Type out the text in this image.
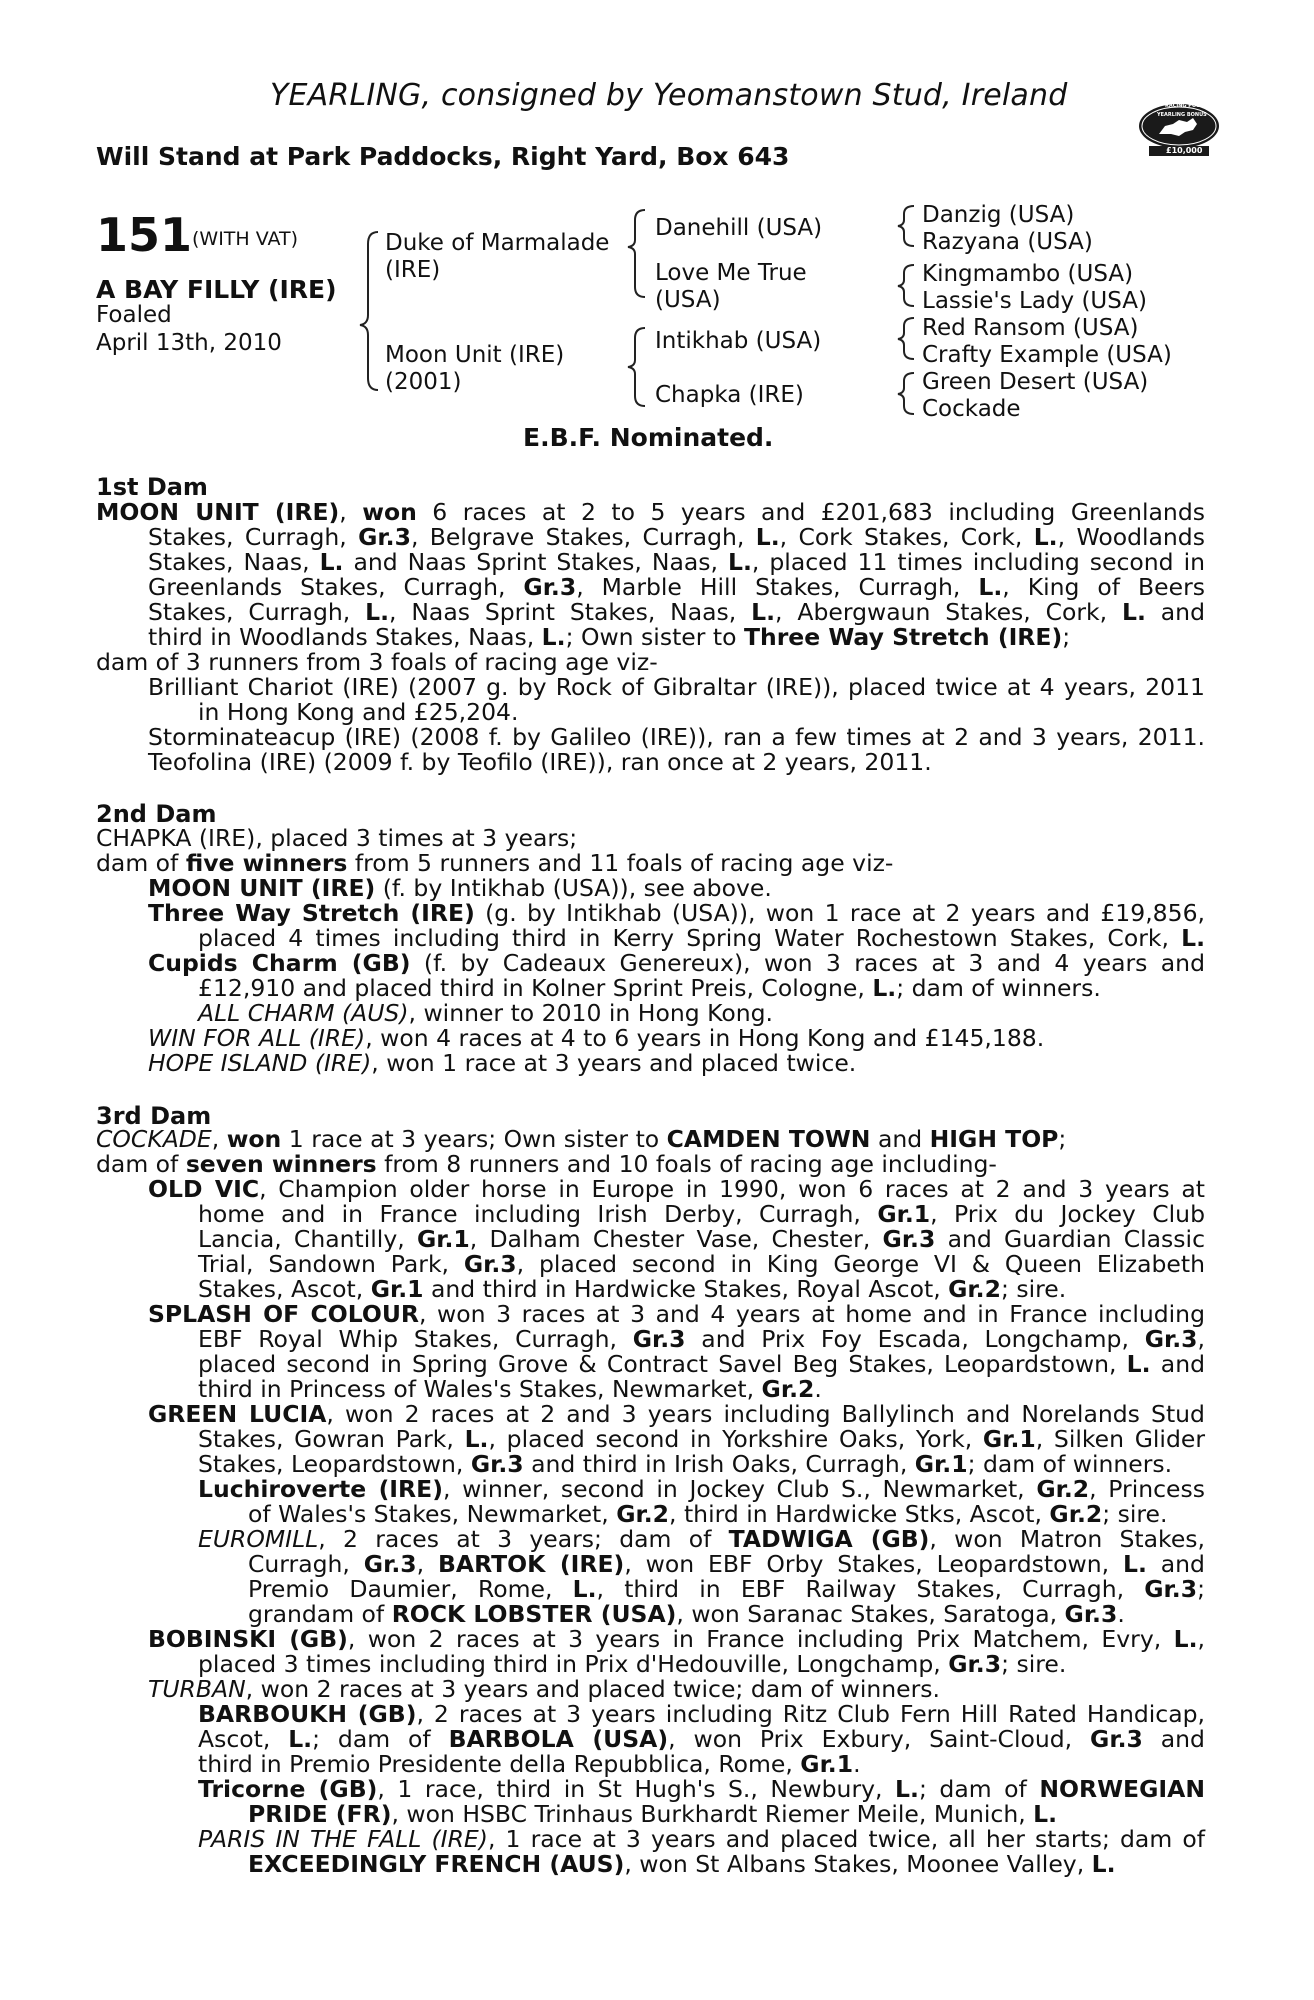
YEARLING, consigned by Yeomanstown Stud, Ireland
Will Stand at Park Paddocks, Right Yard, Box 643
RACING POST
YEARLING BONUS
£10,000
151 (WITH VAT)
A BAY FILLY (IRE)
Foaled
April 13th, 2010
Duke of Marmalade
(IRE)
Moon Unit (IRE)
(2001)
Danehill (USA)
Love Me True
(USA)
Intikhab (USA)
Chapka (IRE)
Danzig (USA)
Razyana (USA)
Kingmambo (USA)
Lassie's Lady (USA)
Red Ransom (USA)
Crafty Example (USA)
Green Desert (USA)
Cockade
E.B.F. Nominated.
1st Dam
2nd Dam
3rd Dam
MOON UNIT (IRE), won 6 races at 2 to 5 years and £201,683 including Greenlands
Stakes, Curragh, Gr.3, Belgrave Stakes, Curragh, L., Cork Stakes, Cork, L., Woodlands
Stakes, Naas, L. and Naas Sprint Stakes, Naas, L., placed 11 times including second in
Greenlands Stakes, Curragh, Gr.3, Marble Hill Stakes, Curragh, L., King of Beers
Stakes, Curragh, L., Naas Sprint Stakes, Naas, L., Abergwaun Stakes, Cork, L. and
third in Woodlands Stakes, Naas, L.; Own sister to Three Way Stretch (IRE);
dam of 3 runners from 3 foals of racing age viz-
Brilliant Chariot (IRE) (2007 g. by Rock of Gibraltar (IRE)), placed twice at 4 years, 2011
in Hong Kong and £25,204.
Storminateacup (IRE) (2008 f. by Galileo (IRE)), ran a few times at 2 and 3 years, 2011.
Teofolina (IRE) (2009 f. by Teofilo (IRE)), ran once at 2 years, 2011.
CHAPKA (IRE), placed 3 times at 3 years;
dam of five winners from 5 runners and 11 foals of racing age viz-
MOON UNIT (IRE) (f. by Intikhab (USA)), see above.
Three Way Stretch (IRE) (g. by Intikhab (USA)), won 1 race at 2 years and £19,856,
placed 4 times including third in Kerry Spring Water Rochestown Stakes, Cork, L.
Cupids Charm (GB) (f. by Cadeaux Genereux), won 3 races at 3 and 4 years and
£12,910 and placed third in Kolner Sprint Preis, Cologne, L.; dam of winners.
ALL CHARM (AUS), winner to 2010 in Hong Kong.
WIN FOR ALL (IRE), won 4 races at 4 to 6 years in Hong Kong and £145,188.
HOPE ISLAND (IRE), won 1 race at 3 years and placed twice.
COCKADE, won 1 race at 3 years; Own sister to CAMDEN TOWN and HIGH TOP;
dam of seven winners from 8 runners and 10 foals of racing age including-
OLD VIC, Champion older horse in Europe in 1990, won 6 races at 2 and 3 years at
home and in France including Irish Derby, Curragh, Gr.1, Prix du Jockey Club
Lancia, Chantilly, Gr.1, Dalham Chester Vase, Chester, Gr.3 and Guardian Classic
Trial, Sandown Park, Gr.3, placed second in King George VI & Queen Elizabeth
Stakes, Ascot, Gr.1 and third in Hardwicke Stakes, Royal Ascot, Gr.2; sire.
SPLASH OF COLOUR, won 3 races at 3 and 4 years at home and in France including
EBF Royal Whip Stakes, Curragh, Gr.3 and Prix Foy Escada, Longchamp, Gr.3,
placed second in Spring Grove & Contract Savel Beg Stakes, Leopardstown, L. and
third in Princess of Wales's Stakes, Newmarket, Gr.2.
GREEN LUCIA, won 2 races at 2 and 3 years including Ballylinch and Norelands Stud
Stakes, Gowran Park, L., placed second in Yorkshire Oaks, York, Gr.1, Silken Glider
Stakes, Leopardstown, Gr.3 and third in Irish Oaks, Curragh, Gr.1; dam of winners.
Luchiroverte (IRE), winner, second in Jockey Club S., Newmarket, Gr.2, Princess
of Wales's Stakes, Newmarket, Gr.2, third in Hardwicke Stks, Ascot, Gr.2; sire.
EUROMILL, 2 races at 3 years; dam of TADWIGA (GB), won Matron Stakes,
Curragh, Gr.3, BARTOK (IRE), won EBF Orby Stakes, Leopardstown, L. and
Premio Daumier, Rome, L., third in EBF Railway Stakes, Curragh, Gr.3;
grandam of ROCK LOBSTER (USA), won Saranac Stakes, Saratoga, Gr.3.
BOBINSKI (GB), won 2 races at 3 years in France including Prix Matchem, Evry, L.,
placed 3 times including third in Prix d'Hedouville, Longchamp, Gr.3; sire.
TURBAN, won 2 races at 3 years and placed twice; dam of winners.
BARBOUKH (GB), 2 races at 3 years including Ritz Club Fern Hill Rated Handicap,
Ascot, L.; dam of BARBOLA (USA), won Prix Exbury, Saint-Cloud, Gr.3 and
third in Premio Presidente della Repubblica, Rome, Gr.1.
Tricorne (GB), 1 race, third in St Hugh's S., Newbury, L.; dam of NORWEGIAN
PRIDE (FR), won HSBC Trinhaus Burkhardt Riemer Meile, Munich, L.
PARIS IN THE FALL (IRE), 1 race at 3 years and placed twice, all her starts; dam of
EXCEEDINGLY FRENCH (AUS), won St Albans Stakes, Moonee Valley, L.
